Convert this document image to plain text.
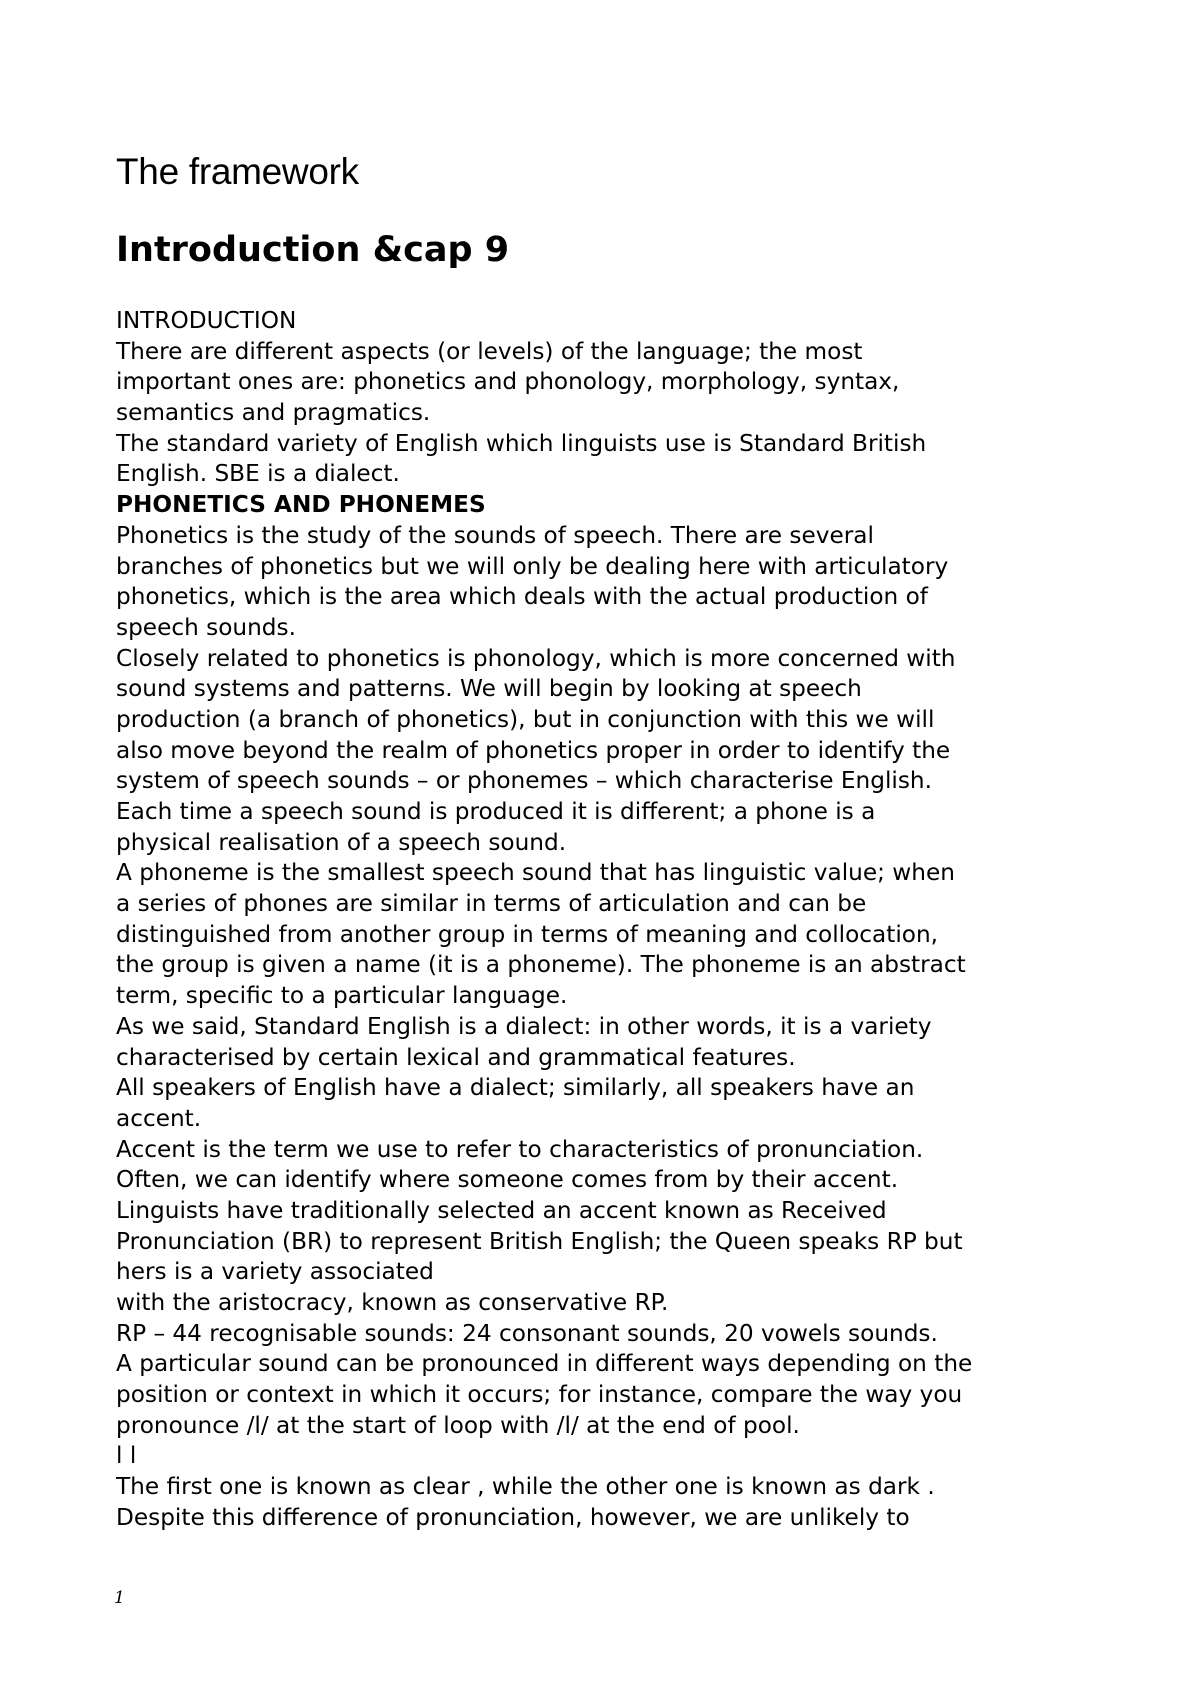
The framework
Introduction &cap 9
INTRODUCTION
There are different aspects (or levels) of the language; the most
important ones are: phonetics and phonology, morphology, syntax,
semantics and pragmatics.
The standard variety of English which linguists use is Standard British
English. SBE is a dialect.
PHONETICS AND PHONEMES
Phonetics is the study of the sounds of speech. There are several
branches of phonetics but we will only be dealing here with articulatory
phonetics, which is the area which deals with the actual production of
speech sounds.
Closely related to phonetics is phonology, which is more concerned with
sound systems and patterns. We will begin by looking at speech
production (a branch of phonetics), but in conjunction with this we will
also move beyond the realm of phonetics proper in order to identify the
system of speech sounds – or phonemes – which characterise English.
Each time a speech sound is produced it is different; a phone is a
physical realisation of a speech sound.
A phoneme is the smallest speech sound that has linguistic value; when
a series of phones are similar in terms of articulation and can be
distinguished from another group in terms of meaning and collocation,
the group is given a name (it is a phoneme). The phoneme is an abstract
term, specific to a particular language.
As we said, Standard English is a dialect: in other words, it is a variety
characterised by certain lexical and grammatical features.
All speakers of English have a dialect; similarly, all speakers have an
accent.
Accent is the term we use to refer to characteristics of pronunciation.
Often, we can identify where someone comes from by their accent.
Linguists have traditionally selected an accent known as Received
Pronunciation (BR) to represent British English; the Queen speaks RP but
hers is a variety associated
with the aristocracy, known as conservative RP.
RP – 44 recognisable sounds: 24 consonant sounds, 20 vowels sounds.
A particular sound can be pronounced in different ways depending on the
position or context in which it occurs; for instance, compare the way you
pronounce /l/ at the start of loop with /l/ at the end of pool.
l l
The first one is known as clear , while the other one is known as dark .
Despite this difference of pronunciation, however, we are unlikely to
1
